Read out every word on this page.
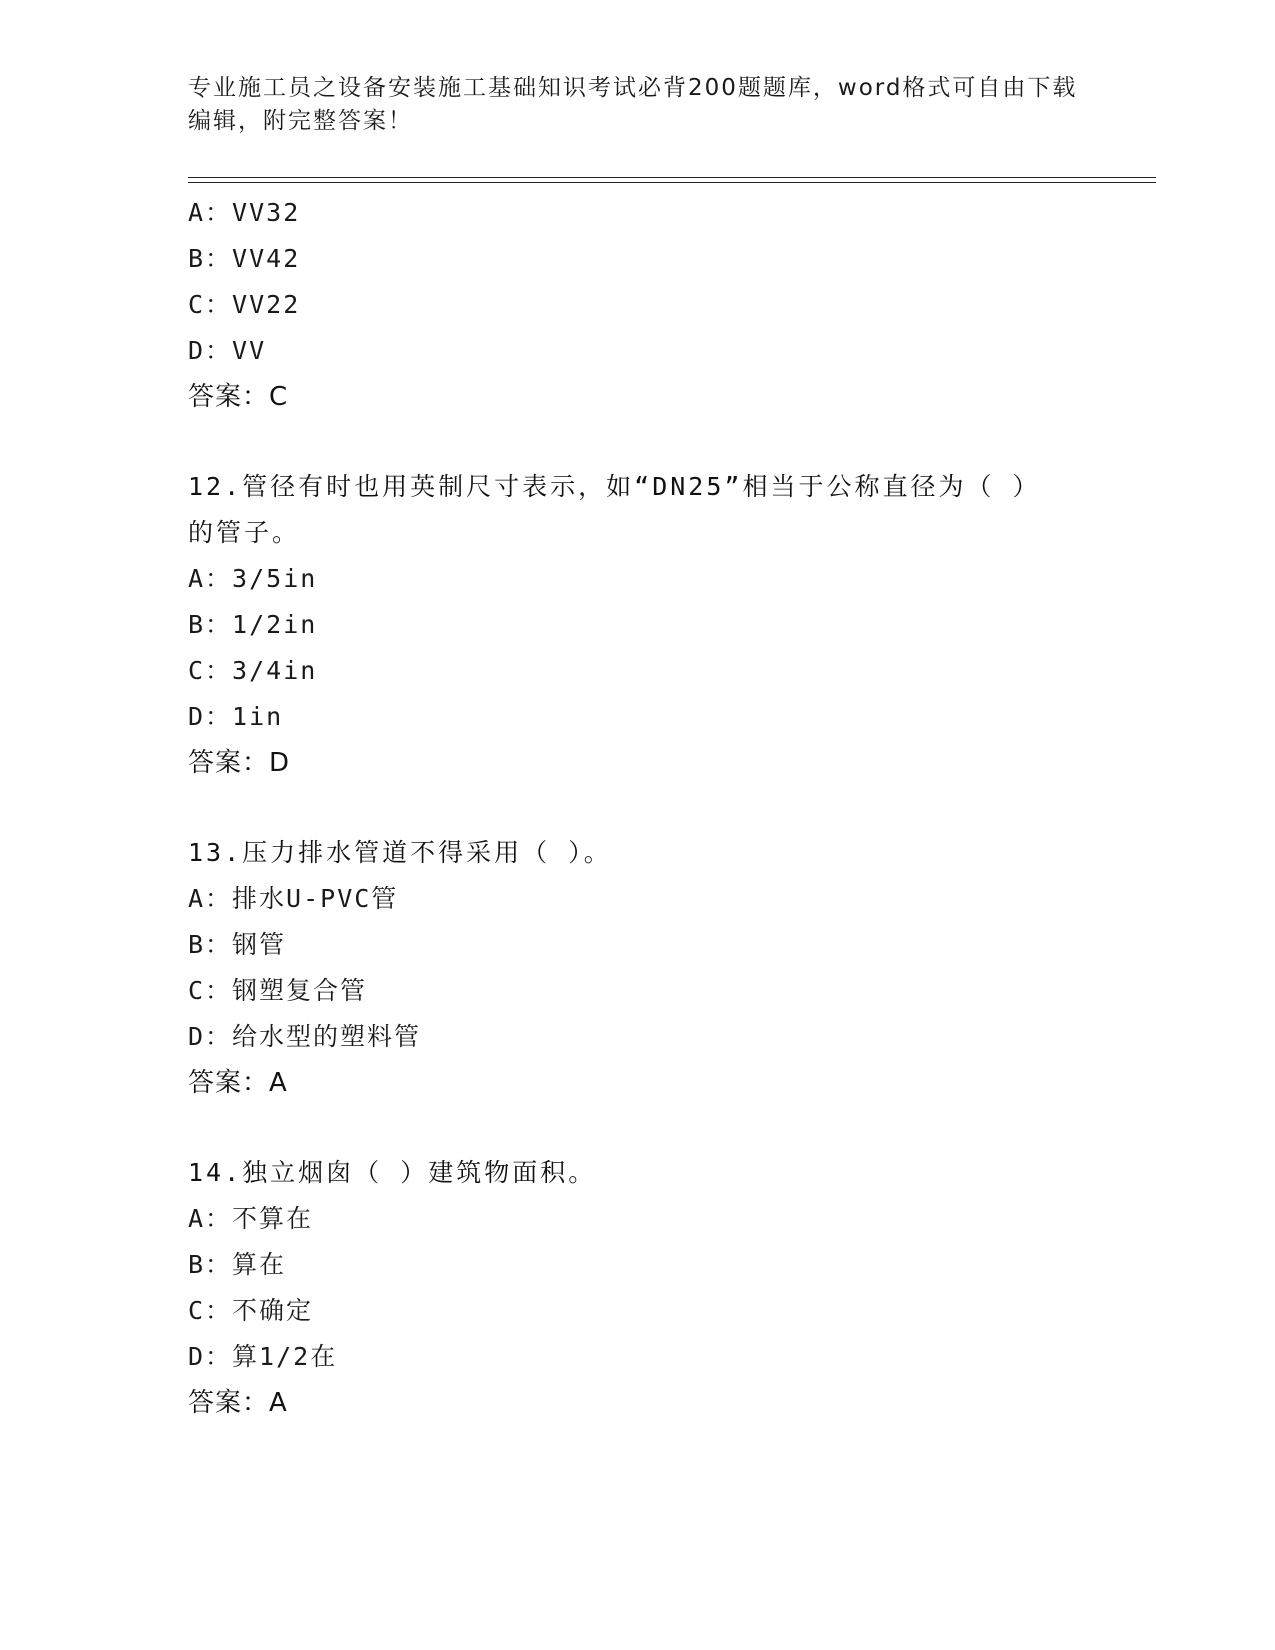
专业施工员之设备安装施工基础知识考试必背200题题库，word格式可自由下载
编辑，附完整答案！
A：VV32
B：VV42
C：VV22
D：VV
答案：C
12.管径有时也用英制尺寸表示，如“DN25”相当于公称直径为（ ）
的管子。
A：3/5in
B：1/2in
C：3/4in
D：1in
答案：D
13.压力排水管道不得采用（ ）。
A：排水U-PVC管
B：钢管
C：钢塑复合管
D：给水型的塑料管
答案：A
14.独立烟囱（ ）建筑物面积。
A：不算在
B：算在
C：不确定
D：算1/2在
答案：A
